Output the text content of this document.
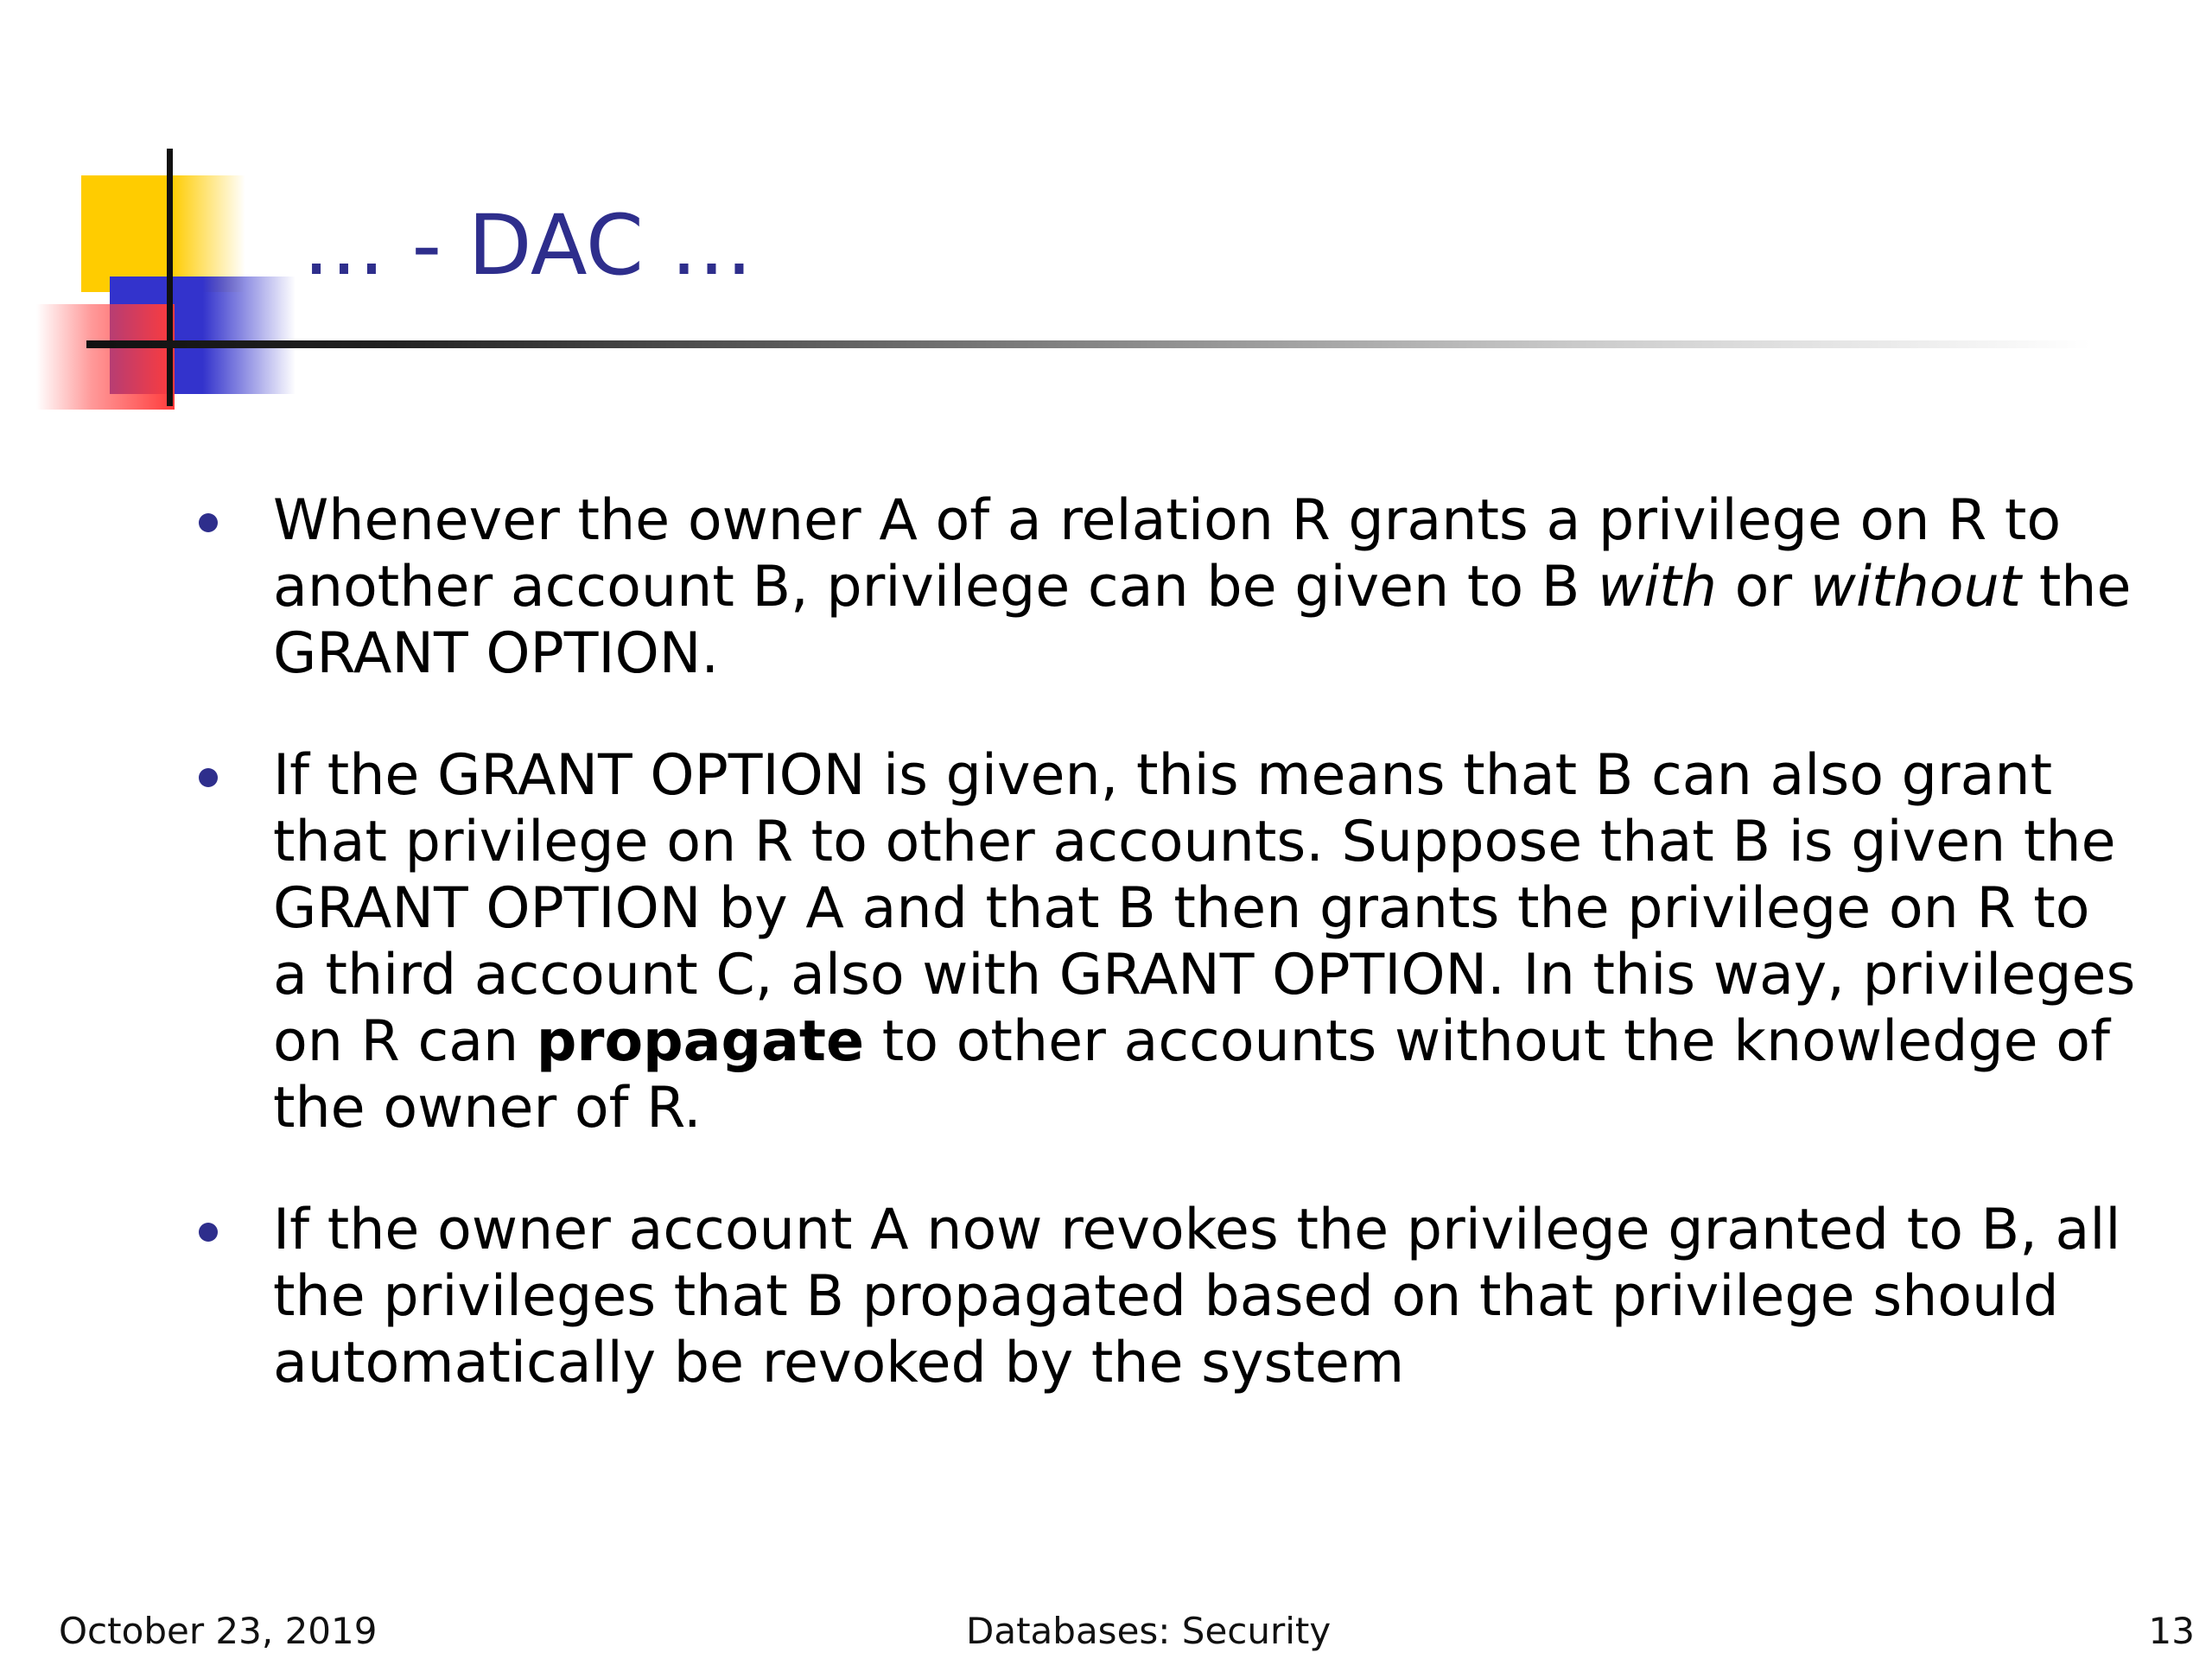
… - DAC …
Whenever the owner A of a relation R grants a privilege on R to another account B, privilege can be given to B with or without the GRANT OPTION.
If the GRANT OPTION is given, this means that B can also grant that privilege on R to other accounts. Suppose that B is given the GRANT OPTION by A and that B then grants the privilege on R to a third account C, also with GRANT OPTION. In this way, privileges on R can propagate to other accounts without the knowledge of the owner of R.
If the owner account A now revokes the privilege granted to B, all the privileges that B propagated based on that privilege should automatically be revoked by the system
October 23, 2019	Databases: Security	13
